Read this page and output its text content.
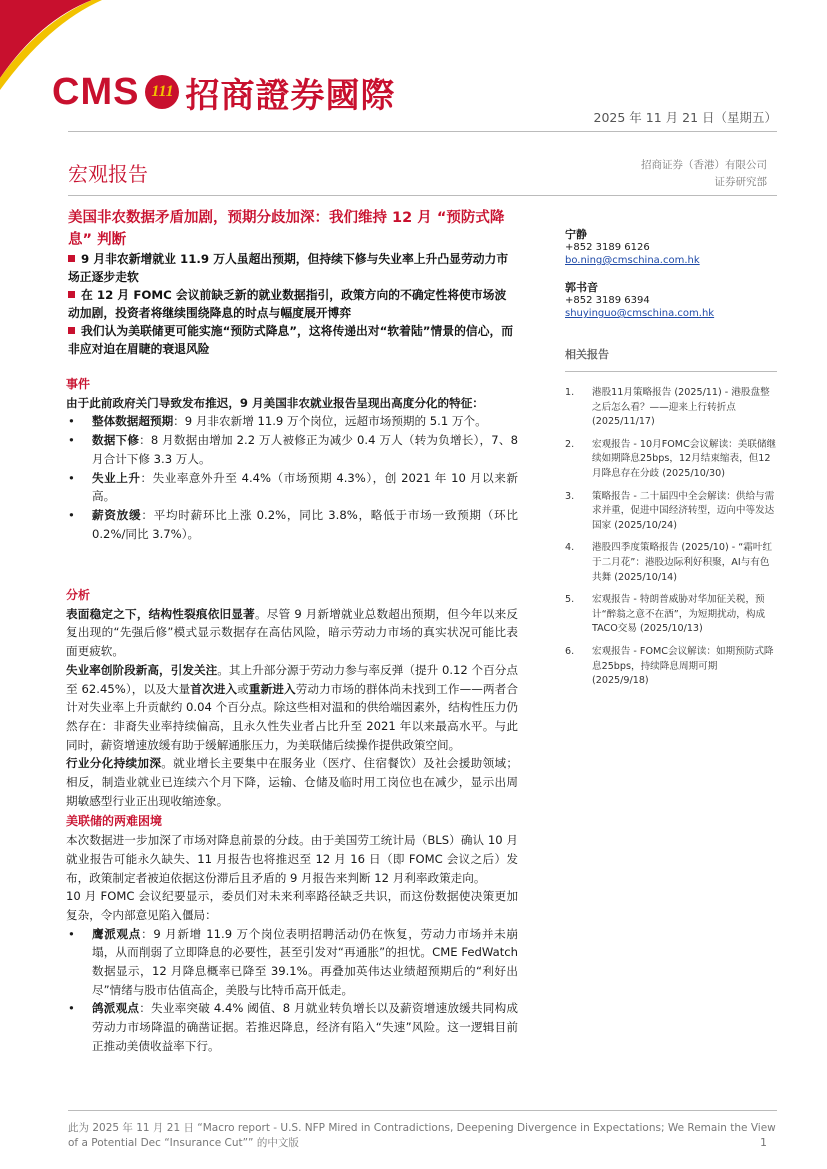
CMS 111 招商證券國際
2025 年 11 月 21 日（星期五）
宏观报告	招商证券（香港）有限公司
证券研究部
美国非农数据矛盾加剧，预期分歧加深：我们维持 12 月 “预防式降息” 判断

9 月非农新增就业 11.9 万人虽超出预期，但持续下修与失业率上升凸显劳动力市场正逐步走软

在 12 月 FOMC 会议前缺乏新的就业数据指引，政策方向的不确定性将使市场波动加剧，投资者将继续围绕降息的时点与幅度展开博弈

我们认为美联储更可能实施“预防式降息”，这将传递出对“软着陆”情景的信心，而非应对迫在眉睫的衰退风险

事件

由于此前政府关门导致发布推迟，9 月美国非农就业报告呈现出高度分化的特征：

• 整体数据超预期：9 月非农新增 11.9 万个岗位，远超市场预期的 5.1 万个。
• 数据下修：8 月数据由增加 2.2 万人被修正为减少 0.4 万人（转为负增长），7、8 月合计下修 3.3 万人。
• 失业上升：失业率意外升至 4.4%（市场预期 4.3%），创 2021 年 10 月以来新高。
• 薪资放缓：平均时薪环比上涨 0.2%，同比 3.8%，略低于市场一致预期（环比 0.2%/同比 3.7%）。
分析

表面稳定之下，结构性裂痕依旧显著。尽管 9 月新增就业总数超出预期，但今年以来反复出现的“先强后修”模式显示数据存在高估风险，暗示劳动力市场的真实状况可能比表面更疲软。

失业率创阶段新高，引发关注。其上升部分源于劳动力参与率反弹（提升 0.12 个百分点至 62.45%），以及大量首次进入或重新进入劳动力市场的群体尚未找到工作——两者合计对失业率上升贡献约 0.04 个百分点。除这些相对温和的供给端因素外，结构性压力仍然存在：非裔失业率持续偏高，且永久性失业者占比升至 2021 年以来最高水平。与此同时，薪资增速放缓有助于缓解通胀压力，为美联储后续操作提供政策空间。

行业分化持续加深。就业增长主要集中在服务业（医疗、住宿餐饮）及社会援助领域；相反，制造业就业已连续六个月下降，运输、仓储及临时用工岗位也在减少，显示出周期敏感型行业正出现收缩迹象。

美联储的两难困境

本次数据进一步加深了市场对降息前景的分歧。由于美国劳工统计局（BLS）确认 10 月就业报告可能永久缺失、11 月报告也将推迟至 12 月 16 日（即 FOMC 会议之后）发布，政策制定者被迫依据这份滞后且矛盾的 9 月报告来判断 12 月利率政策走向。

10 月 FOMC 会议纪要显示，委员们对未来利率路径缺乏共识，而这份数据使决策更加复杂，令内部意见陷入僵局：

• 鹰派观点：9 月新增 11.9 万个岗位表明招聘活动仍在恢复，劳动力市场并未崩塌，从而削弱了立即降息的必要性，甚至引发对“再通胀”的担忧。CME FedWatch 数据显示，12 月降息概率已降至 39.1%。再叠加英伟达业绩超预期后的“利好出尽”情绪与股市估值高企，美股与比特币高开低走。
• 鸽派观点：失业率突破 4.4% 阈值、8 月就业转负增长以及薪资增速放缓共同构成劳动力市场降温的确凿证据。若推迟降息，经济有陷入“失速”风险。这一逻辑目前正推动美债收益率下行。
宁静
+852 3189 6126
bo.ning@cmschina.com.hk
郭书音
+852 3189 6394
shuyinguo@cmschina.com.hk
相关报告
1. 港股11月策略报告 (2025/11) - 港股盘整之后怎么看？——迎来上行转折点 (2025/11/17)
2. 宏观报告 - 10月FOMC会议解读：美联储继续如期降息25bps，12月结束缩表，但12月降息存在分歧 (2025/10/30)
3. 策略报告 - 二十届四中全会解读：供给与需求并重，促进中国经济转型，迈向中等发达国家 (2025/10/24)
4. 港股四季度策略报告 (2025/10) - “霜叶红于二月花”：港股边际利好积聚，AI与有色共舞 (2025/10/14)
5. 宏观报告 - 特朗普威胁对华加征关税，预计“醉翁之意不在酒”，为短期扰动，构成TACO交易 (2025/10/13)
6. 宏观报告 - FOMC会议解读：如期预防式降息25bps，持续降息周期可期 (2025/9/18)
此为 2025 年 11 月 21 日 “Macro report - U.S. NFP Mired in Contradictions, Deepening Divergence in Expectations; We Remain the View of a Potential Dec “Insurance Cut”” 的中文版	1
